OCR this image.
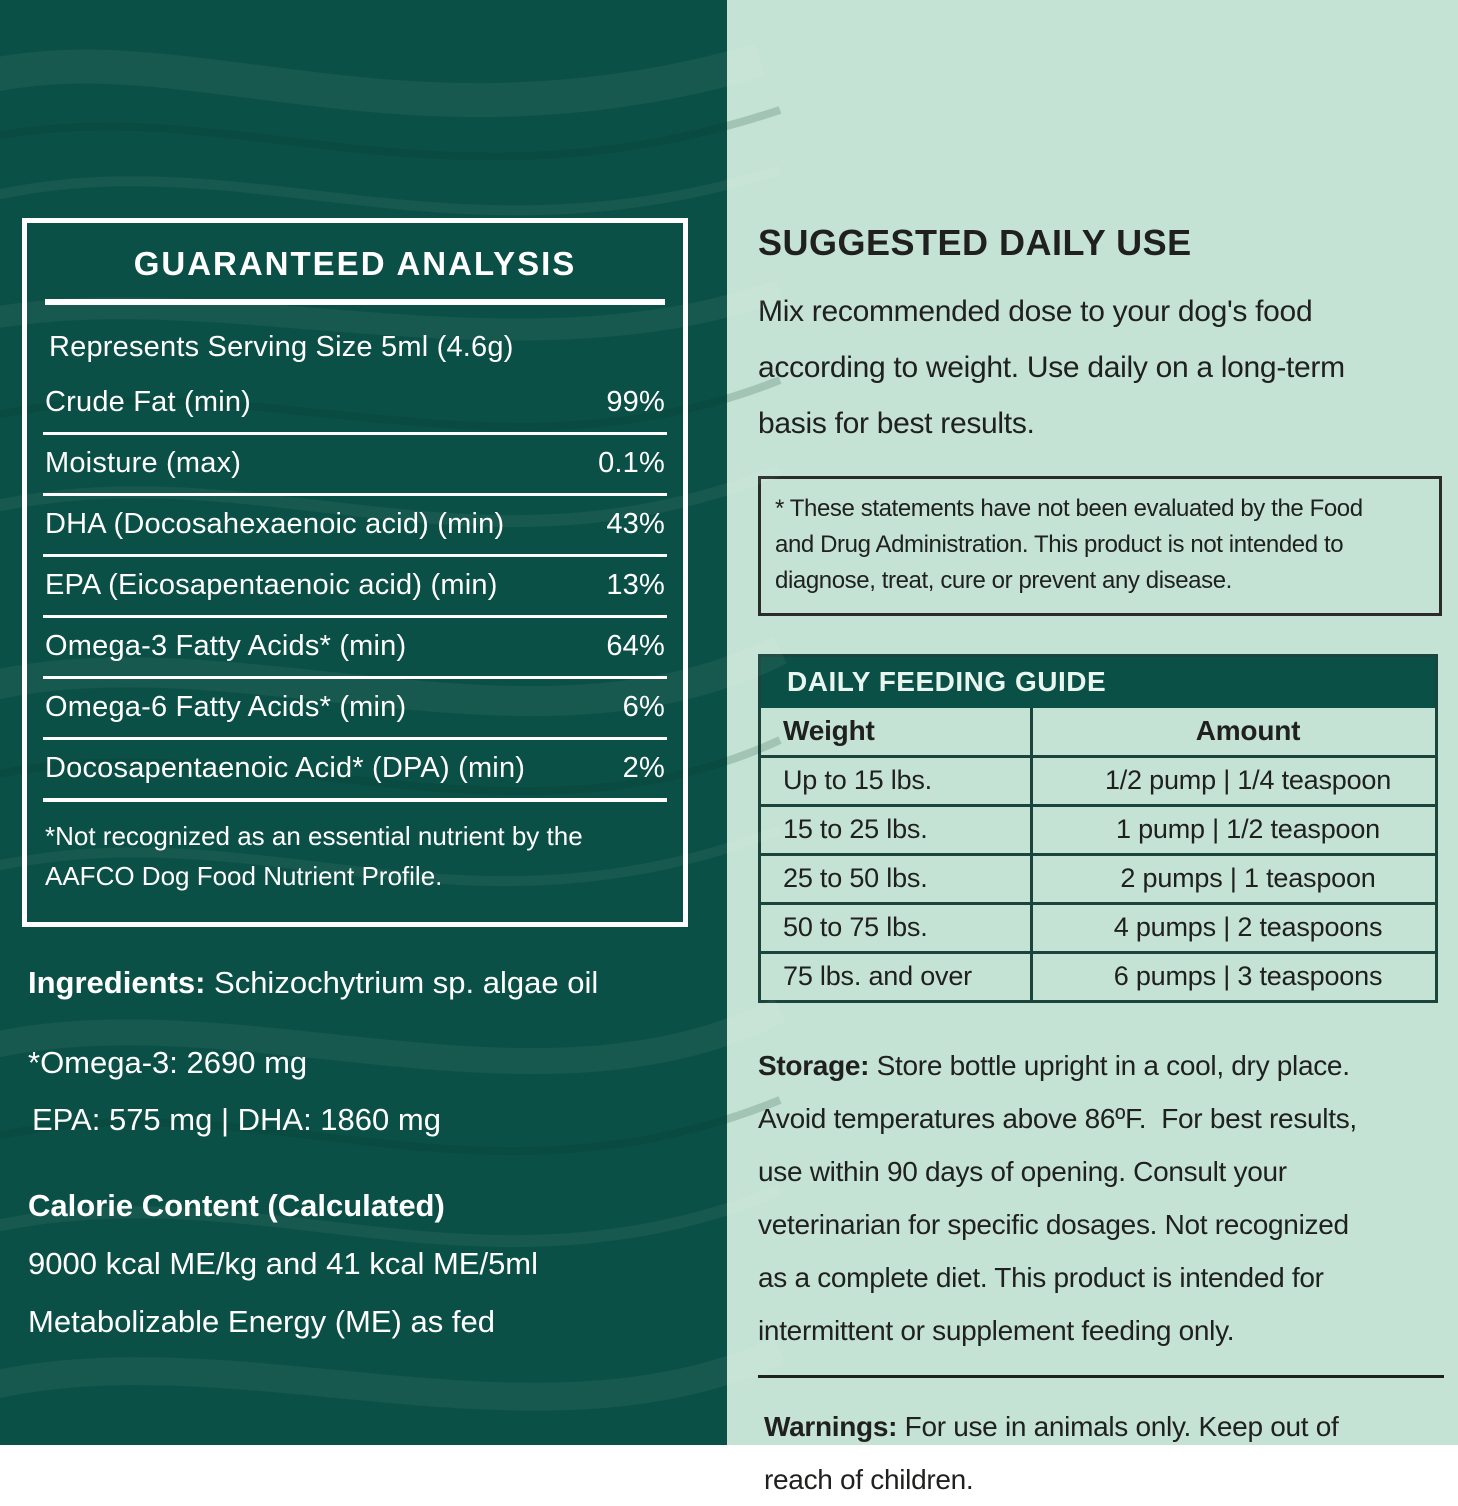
GUARANTEED ANALYSIS
Represents Serving Size 5ml (4.6g)
Crude Fat (min)	99%
Moisture (max)	0.1%
DHA (Docosahexaenoic acid) (min)	43%
EPA (Eicosapentaenoic acid) (min)	13%
Omega-3 Fatty Acids* (min)	64%
Omega-6 Fatty Acids* (min)	6%
Docosapentaenoic Acid* (DPA) (min)	2%
*Not recognized as an essential nutrient by the
AAFCO Dog Food Nutrient Profile.
Ingredients: Schizochytrium sp. algae oil
*Omega-3: 2690 mg
EPA: 575 mg | DHA: 1860 mg
Calorie Content (Calculated)
9000 kcal ME/kg and 41 kcal ME/5ml
Metabolizable Energy (ME) as fed
SUGGESTED DAILY USE
Mix recommended dose to your dog's food
according to weight. Use daily on a long-term
basis for best results.
* These statements have not been evaluated by the Food
and Drug Administration. This product is not intended to
diagnose, treat, cure or prevent any disease.
DAILY FEEDING GUIDE
Weight	Amount
Up to 15 lbs.	1/2 pump | 1/4 teaspoon
15 to 25 lbs.	1 pump | 1/2 teaspoon
25 to 50 lbs.	2 pumps | 1 teaspoon
50 to 75 lbs.	4 pumps | 2 teaspoons
75 lbs. and over	6 pumps | 3 teaspoons
Storage: Store bottle upright in a cool, dry place.
Avoid temperatures above 86ºF.  For best results,
use within 90 days of opening. Consult your
veterinarian for specific dosages. Not recognized
as a complete diet. This product is intended for
intermittent or supplement feeding only.
Warnings: For use in animals only. Keep out of
reach of children.
